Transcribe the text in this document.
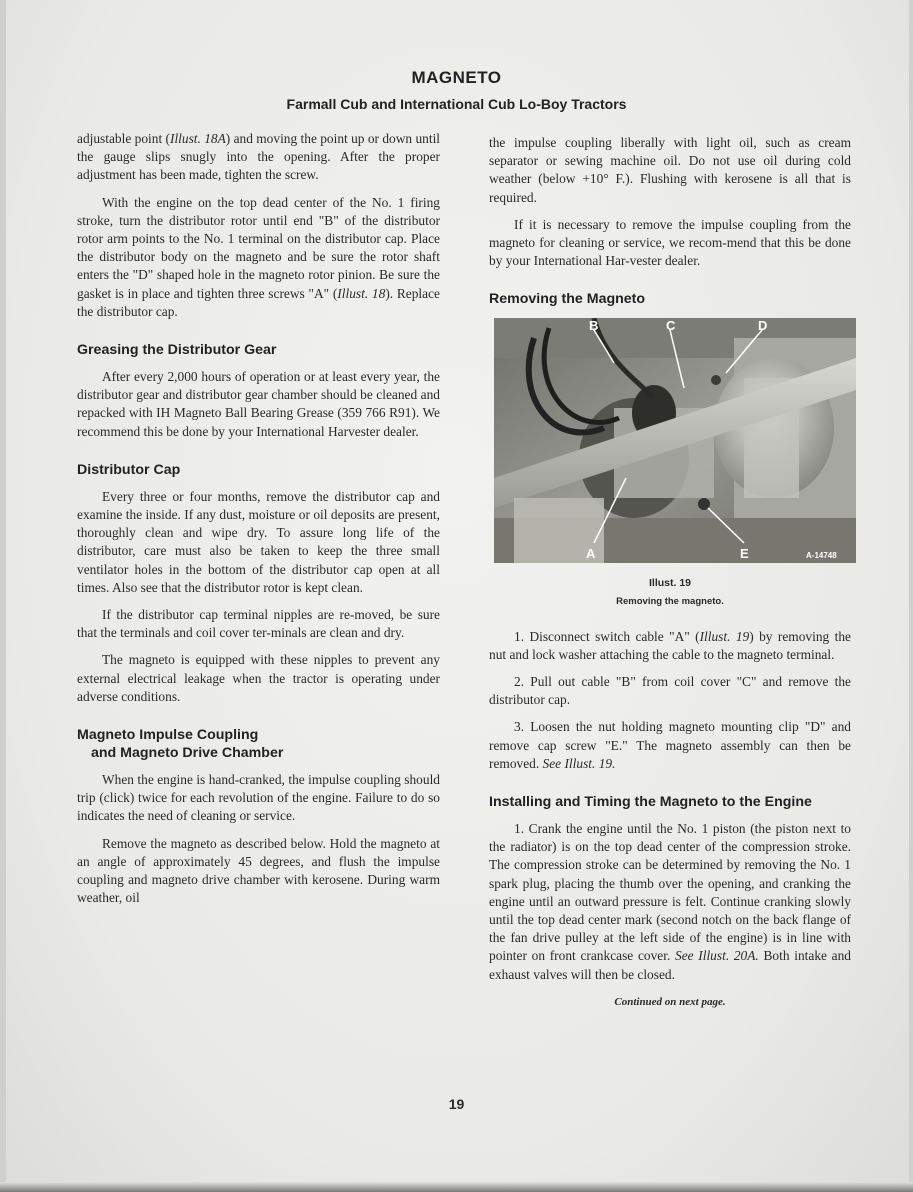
MAGNETO
Farmall Cub and International Cub Lo-Boy Tractors

adjustable point (Illust. 18A) and moving the point up or down until the gauge slips snugly into the opening. After the proper adjustment has been made, tighten the screw.

With the engine on the top dead center of the No. 1 firing stroke, turn the distributor rotor until end "B" of the distributor rotor arm points to the No. 1 terminal on the distributor cap. Place the distributor body on the magneto and be sure the rotor shaft enters the "D" shaped hole in the magneto rotor pinion. Be sure the gasket is in place and tighten three screws "A" (Illust. 18). Replace the distributor cap.

Greasing the Distributor Gear

After every 2,000 hours of operation or at least every year, the distributor gear and distributor gear chamber should be cleaned and repacked with IH Magneto Ball Bearing Grease (359 766 R91). We recommend this be done by your International Harvester dealer.

Distributor Cap

Every three or four months, remove the distributor cap and examine the inside. If any dust, moisture or oil deposits are present, thoroughly clean and wipe dry. To assure long life of the distributor, care must also be taken to keep the three small ventilator holes in the bottom of the distributor cap open at all times. Also see that the distributor rotor is kept clean.

If the distributor cap terminal nipples are re-moved, be sure that the terminals and coil cover ter-minals are clean and dry.

The magneto is equipped with these nipples to prevent any external electrical leakage when the tractor is operating under adverse conditions.

Magneto Impulse Coupling
and Magneto Drive Chamber

When the engine is hand-cranked, the impulse coupling should trip (click) twice for each revolution of the engine. Failure to do so indicates the need of cleaning or service.

Remove the magneto as described below. Hold the magneto at an angle of approximately 45 degrees, and flush the impulse coupling and magneto drive chamber with kerosene. During warm weather, oil

the impulse coupling liberally with light oil, such as cream separator or sewing machine oil. Do not use oil during cold weather (below +10° F.). Flushing with kerosene is all that is required.

If it is necessary to remove the impulse coupling from the magneto for cleaning or service, we recom-mend that this be done by your International Har-vester dealer.

Removing the Magneto
B	C	D
A	E	A-14748
Illust. 19
Removing the magneto.

1. Disconnect switch cable "A" (Illust. 19) by removing the nut and lock washer attaching the cable to the magneto terminal.

2. Pull out cable "B" from coil cover "C" and remove the distributor cap.

3. Loosen the nut holding magneto mounting clip "D" and remove cap screw "E." The magneto assembly can then be removed. See Illust. 19.

Installing and Timing the Magneto to the Engine

1. Crank the engine until the No. 1 piston (the piston next to the radiator) is on the top dead center of the compression stroke. The compression stroke can be determined by removing the No. 1 spark plug, placing the thumb over the opening, and cranking the engine until an outward pressure is felt. Continue cranking slowly until the top dead center mark (second notch on the back flange of the fan drive pulley at the left side of the engine) is in line with pointer on front crankcase cover. See Illust. 20A. Both intake and exhaust valves will then be closed.

Continued on next page.
19
